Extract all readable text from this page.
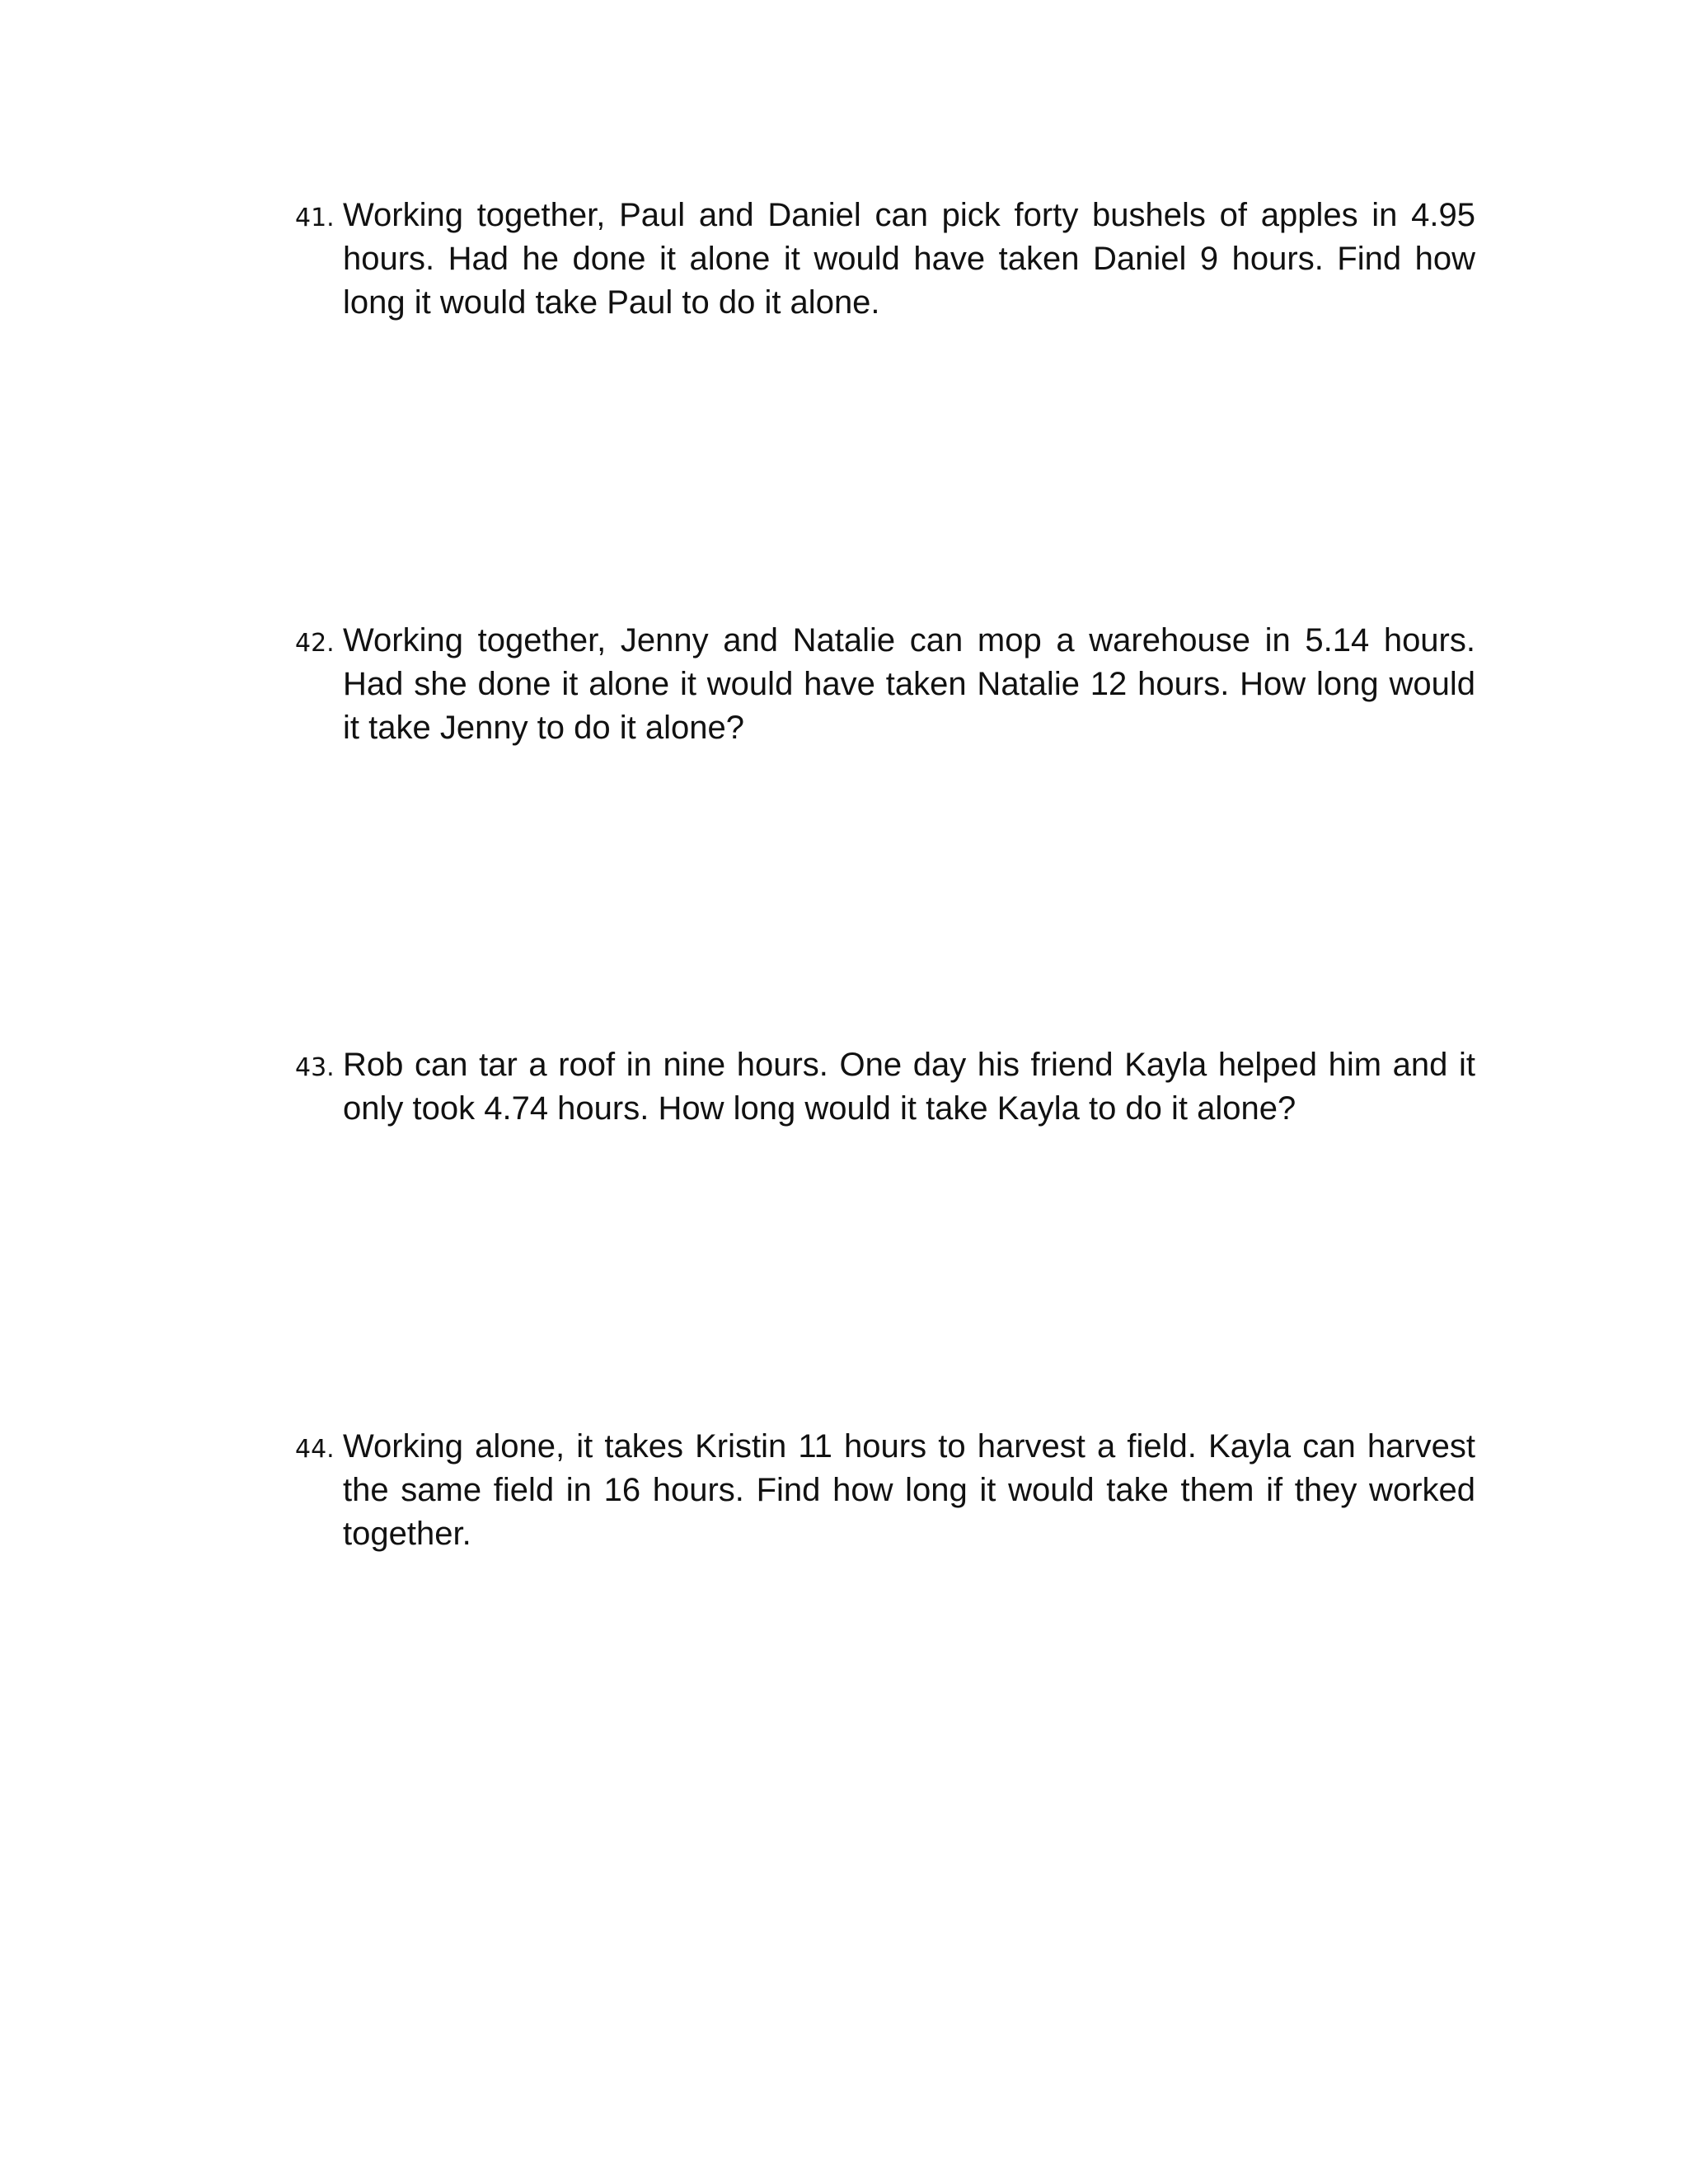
41. Working together, Paul and Daniel can pick forty bushels of apples in 4.95 hours. Had he done it alone it would have taken Daniel 9 hours. Find how long it would take Paul to do it alone.
42. Working together, Jenny and Natalie can mop a warehouse in 5.14 hours. Had she done it alone it would have taken Natalie 12 hours. How long would it take Jenny to do it alone?
43. Rob can tar a roof in nine hours. One day his friend Kayla helped him and it only took 4.74 hours. How long would it take Kayla to do it alone?
44. Working alone, it takes Kristin 11 hours to harvest a field. Kayla can harvest the same field in 16 hours. Find how long it would take them if they worked together.
